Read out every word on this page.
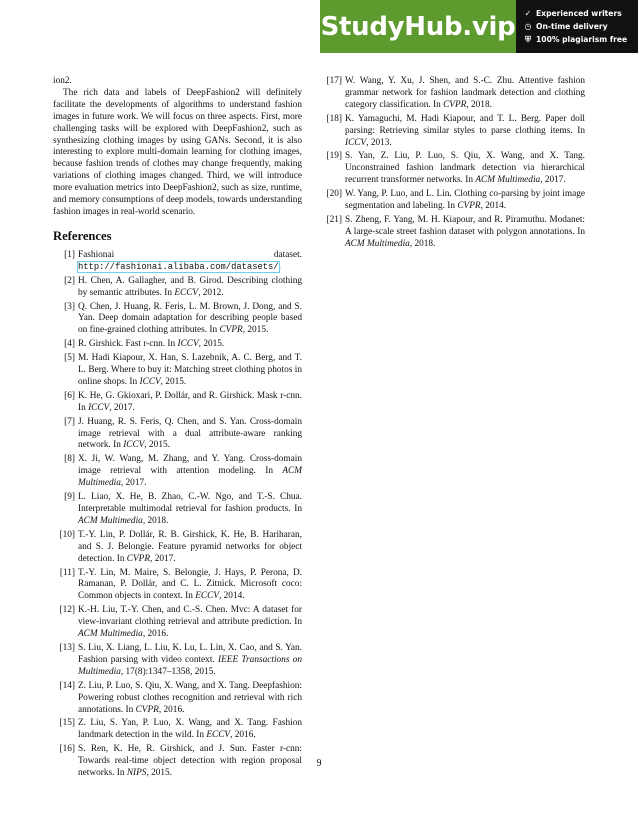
StudyHub.vip ✓ Experienced writers
◷ On-time delivery
⛨ 100% plagiarism free

ion2.

The rich data and labels of DeepFashion2 will definitely facilitate the developments of algorithms to understand fashion images in future work. We will focus on three aspects. First, more challenging tasks will be explored with DeepFashion2, such as synthesizing clothing images by using GANs. Second, it is also interesting to explore multi-domain learning for clothing images, because fashion trends of clothes may change frequently, making variations of clothing images changed. Third, we will introduce more evaluation metrics into DeepFashion2, such as size, runtime, and memory consumptions of deep models, towards understanding fashion images in real-world scenario.

References
[1] Fashionai dataset. http://fashionai.alibaba.com/datasets/.
[2] H. Chen, A. Gallagher, and B. Girod. Describing clothing by semantic attributes. In ECCV, 2012.
[3] Q. Chen, J. Huang, R. Feris, L. M. Brown, J. Dong, and S. Yan. Deep domain adaptation for describing people based on fine-grained clothing attributes. In CVPR, 2015.
[4] R. Girshick. Fast r-cnn. In ICCV, 2015.
[5] M. Hadi Kiapour, X. Han, S. Lazebnik, A. C. Berg, and T. L. Berg. Where to buy it: Matching street clothing photos in online shops. In ICCV, 2015.
[6] K. He, G. Gkioxari, P. Dollár, and R. Girshick. Mask r-cnn. In ICCV, 2017.
[7] J. Huang, R. S. Feris, Q. Chen, and S. Yan. Cross-domain image retrieval with a dual attribute-aware ranking network. In ICCV, 2015.
[8] X. Ji, W. Wang, M. Zhang, and Y. Yang. Cross-domain image retrieval with attention modeling. In ACM Multimedia, 2017.
[9] L. Liao, X. He, B. Zhao, C.-W. Ngo, and T.-S. Chua. Interpretable multimodal retrieval for fashion products. In ACM Multimedia, 2018.
[10] T.-Y. Lin, P. Dollár, R. B. Girshick, K. He, B. Hariharan, and S. J. Belongie. Feature pyramid networks for object detection. In CVPR, 2017.
[11] T.-Y. Lin, M. Maire, S. Belongie, J. Hays, P. Perona, D. Ramanan, P. Dollár, and C. L. Zitnick. Microsoft coco: Common objects in context. In ECCV, 2014.
[12] K.-H. Liu, T.-Y. Chen, and C.-S. Chen. Mvc: A dataset for view-invariant clothing retrieval and attribute prediction. In ACM Multimedia, 2016.
[13] S. Liu, X. Liang, L. Liu, K. Lu, L. Lin, X. Cao, and S. Yan. Fashion parsing with video context. IEEE Transactions on Multimedia, 17(8):1347–1358, 2015.
[14] Z. Liu, P. Luo, S. Qiu, X. Wang, and X. Tang. Deepfashion: Powering robust clothes recognition and retrieval with rich annotations. In CVPR, 2016.
[15] Z. Liu, S. Yan, P. Luo, X. Wang, and X. Tang. Fashion landmark detection in the wild. In ECCV, 2016.
[16] S. Ren, K. He, R. Girshick, and J. Sun. Faster r-cnn: Towards real-time object detection with region proposal networks. In NIPS, 2015.
[17] W. Wang, Y. Xu, J. Shen, and S.-C. Zhu. Attentive fashion grammar network for fashion landmark detection and clothing category classification. In CVPR, 2018.
[18] K. Yamaguchi, M. Hadi Kiapour, and T. L. Berg. Paper doll parsing: Retrieving similar styles to parse clothing items. In ICCV, 2013.
[19] S. Yan, Z. Liu, P. Luo, S. Qiu, X. Wang, and X. Tang. Unconstrained fashion landmark detection via hierarchical recurrent transformer networks. In ACM Multimedia, 2017.
[20] W. Yang, P. Luo, and L. Lin. Clothing co-parsing by joint image segmentation and labeling. In CVPR, 2014.
[21] S. Zheng, F. Yang, M. H. Kiapour, and R. Piramuthu. Modanet: A large-scale street fashion dataset with polygon annotations. In ACM Multimedia, 2018.
9
